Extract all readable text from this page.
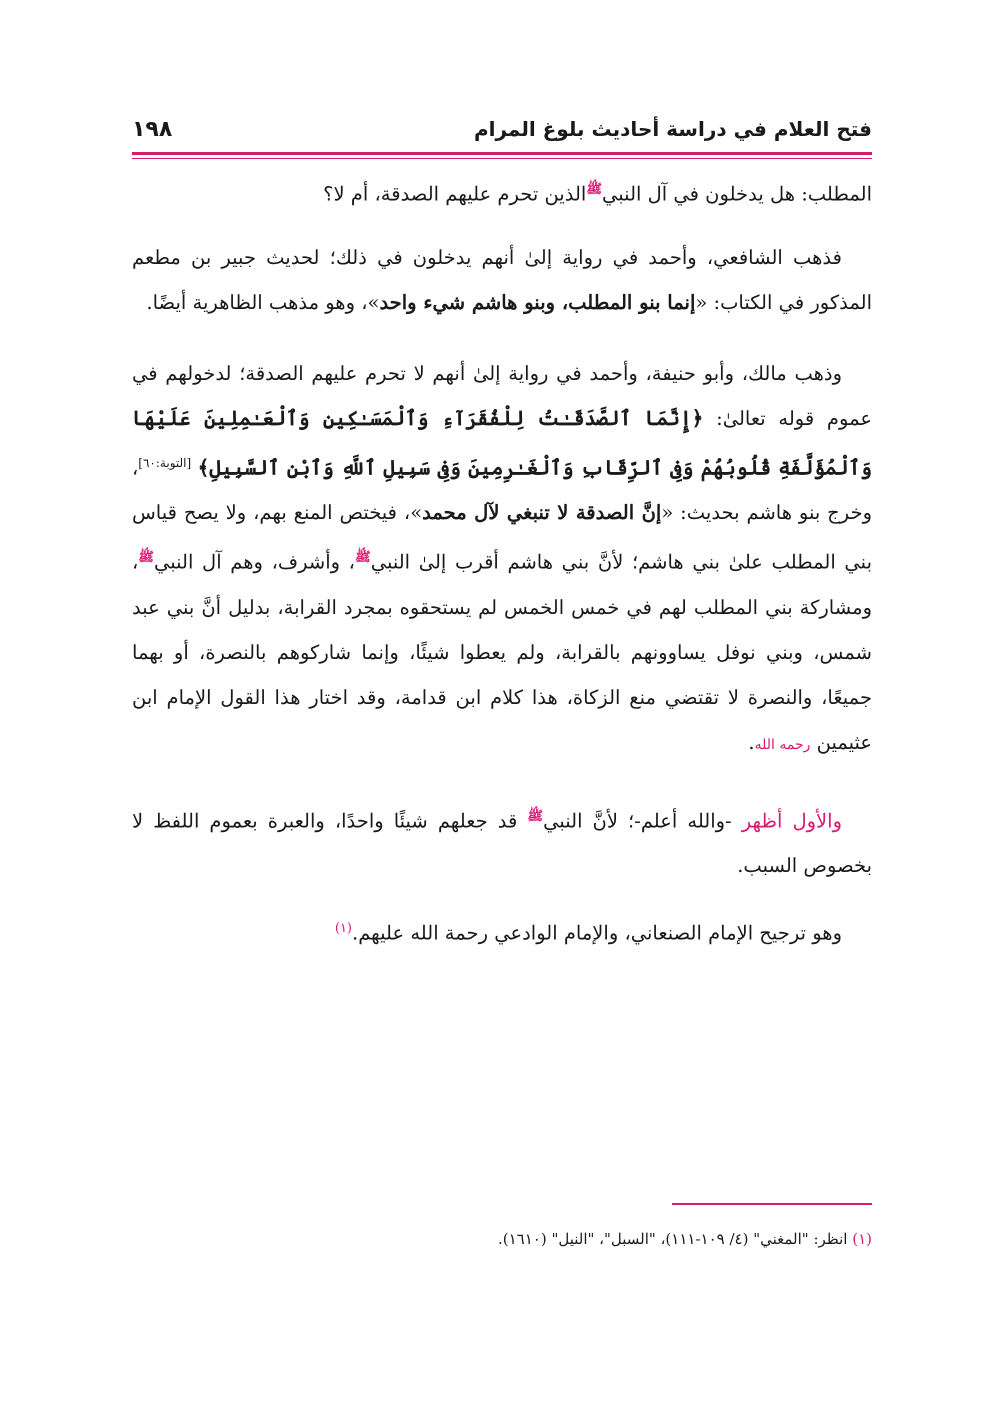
فتح العلام في دراسة أحاديث بلوغ المرام
١٩٨

المطلب: هل يدخلون في آل النبي$^ﷺ$الذين تحرم عليهم الصدقة، أم لا؟

فذهب الشافعي، وأحمد في رواية إلىٰ أنهم يدخلون في ذلك؛ لحديث جبير بن مطعم المذكور في الكتاب: «إنما بنو المطلب، وبنو هاشم شيء واحد»، وهو مذهب الظاهرية أيضًا.

وذهب مالك، وأبو حنيفة، وأحمد في رواية إلىٰ أنهم لا تحرم عليهم الصدقة؛ لدخولهم في عموم قوله تعالىٰ: ﴿إِنَّمَا ٱلصَّدَقَـٰتُ لِلْفُقَرَآءِ وَٱلْمَسَـٰكِينِ وَٱلْعَـٰمِلِينَ عَلَيْهَا وَٱلْمُؤَلَّفَةِ قُلُوبُهُمْ وَفِى ٱلرِّقَابِ وَٱلْغَـٰرِمِينَ وَفِى سَبِيلِ ٱللَّهِ وَٱبْنِ ٱلسَّبِيلِ﴾ [التوبة:٦٠]، وخرج بنو هاشم بحديث: «إنَّ الصدقة لا تنبغي لآل محمد»، فيختص المنع بهم، ولا يصح قياس بني المطلب علىٰ بني هاشم؛ لأنَّ بني هاشم أقرب إلىٰ النبي$^ﷺ$، وأشرف، وهم آل النبي$^ﷺ$، ومشاركة بني المطلب لهم في خمس الخمس لم يستحقوه بمجرد القرابة، بدليل أنَّ بني عبد شمس، وبني نوفل يساوونهم بالقرابة، ولم يعطوا شيئًا، وإنما شاركوهم بالنصرة، أو بهما جميعًا، والنصرة لا تقتضي منع الزكاة، هذا كلام ابن قدامة، وقد اختار هذا القول الإمام ابن عثيمين رحمه الله.

والأول أظهر -والله أعلم-؛ لأنَّ النبي$^ﷺ$ قد جعلهم شيئًا واحدًا، والعبرة بعموم اللفظ لا بخصوص السبب.

وهو ترجيح الإمام الصنعاني، والإمام الوادعي رحمة الله عليهم.$^{(١)}$

(١) انظر: "المغني" (٤/ ١٠٩-١١١)، "السبل"، "النيل" (١٦١٠).
